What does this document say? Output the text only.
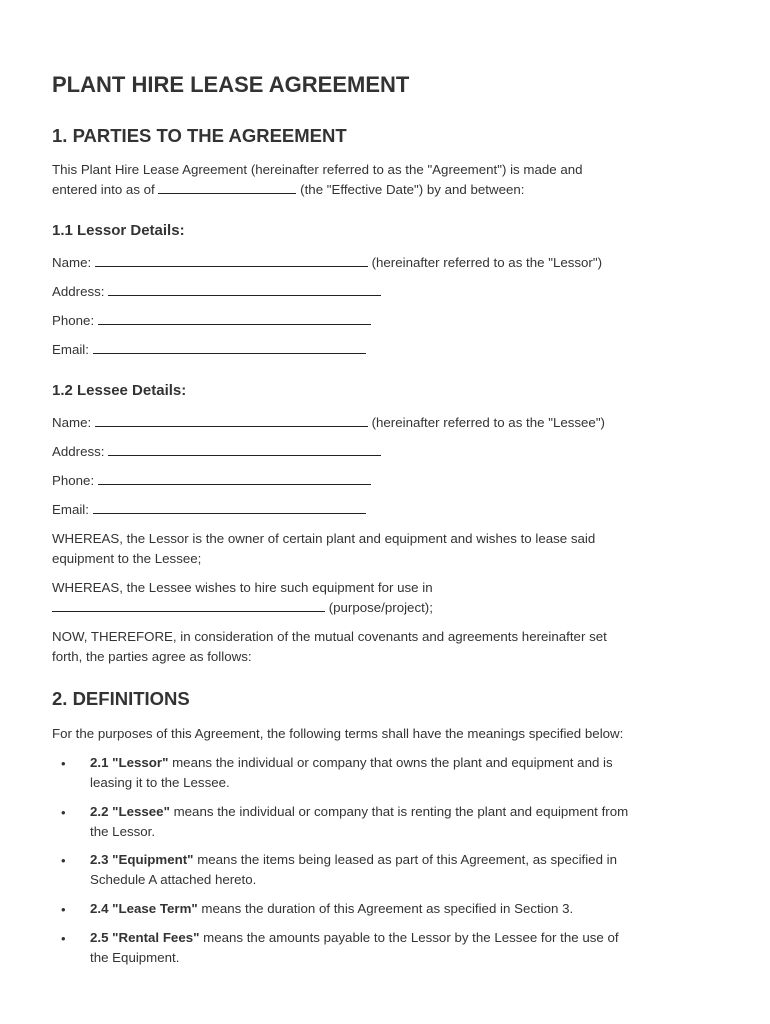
PLANT HIRE LEASE AGREEMENT
1. PARTIES TO THE AGREEMENT
This Plant Hire Lease Agreement (hereinafter referred to as the "Agreement") is made and
entered into as of	(the "Effective Date") by and between:
1.1 Lessor Details:
Name:	(hereinafter referred to as the "Lessor")
Address:
Phone:
Email:
1.2 Lessee Details:
Name:	(hereinafter referred to as the "Lessee")
Address:
Phone:
Email:
WHEREAS, the Lessor is the owner of certain plant and equipment and wishes to lease said
equipment to the Lessee;
WHEREAS, the Lessee wishes to hire such equipment for use in
(purpose/project);
NOW, THEREFORE, in consideration of the mutual covenants and agreements hereinafter set
forth, the parties agree as follows:
2. DEFINITIONS
For the purposes of this Agreement, the following terms shall have the meanings specified below:
• 2.1 "Lessor" means the individual or company that owns the plant and equipment and is
leasing it to the Lessee.
• 2.2 "Lessee" means the individual or company that is renting the plant and equipment from
the Lessor.
• 2.3 "Equipment" means the items being leased as part of this Agreement, as specified in
Schedule A attached hereto.
• 2.4 "Lease Term" means the duration of this Agreement as specified in Section 3.
• 2.5 "Rental Fees" means the amounts payable to the Lessor by the Lessee for the use of
the Equipment.
